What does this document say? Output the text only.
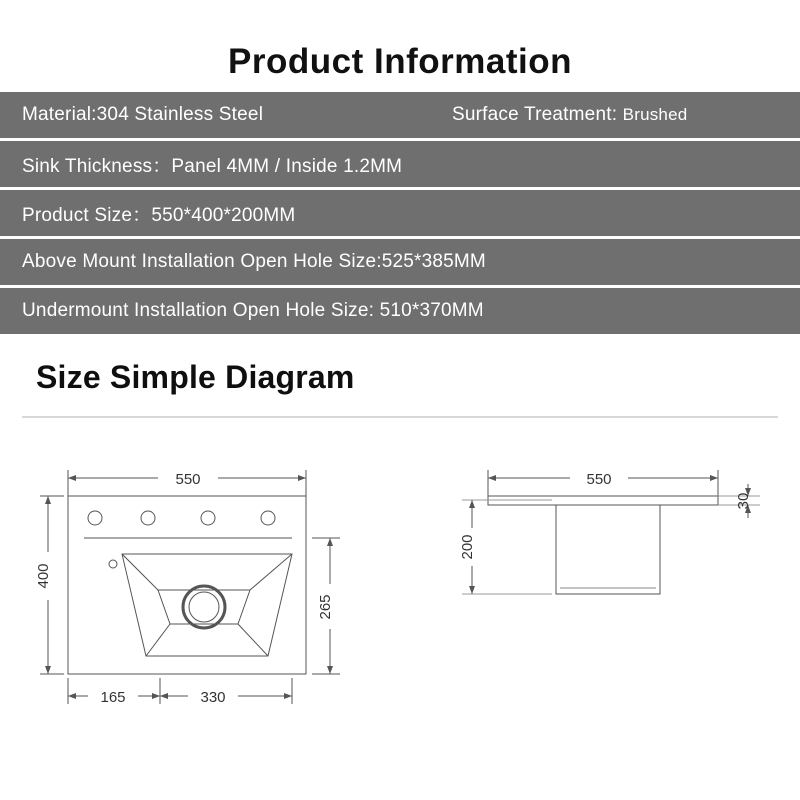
Product Information
Material:304 Stainless Steel	Surface Treatment: Brushed
Sink Thickness：Panel 4MM / Inside 1.2MM
Product Size：550*400*200MM
Above Mount Installation Open Hole Size:525*385MM
Undermount Installation Open Hole Size: 510*370MM
Size Simple Diagram
550
400
265
165	330
550
200
30
